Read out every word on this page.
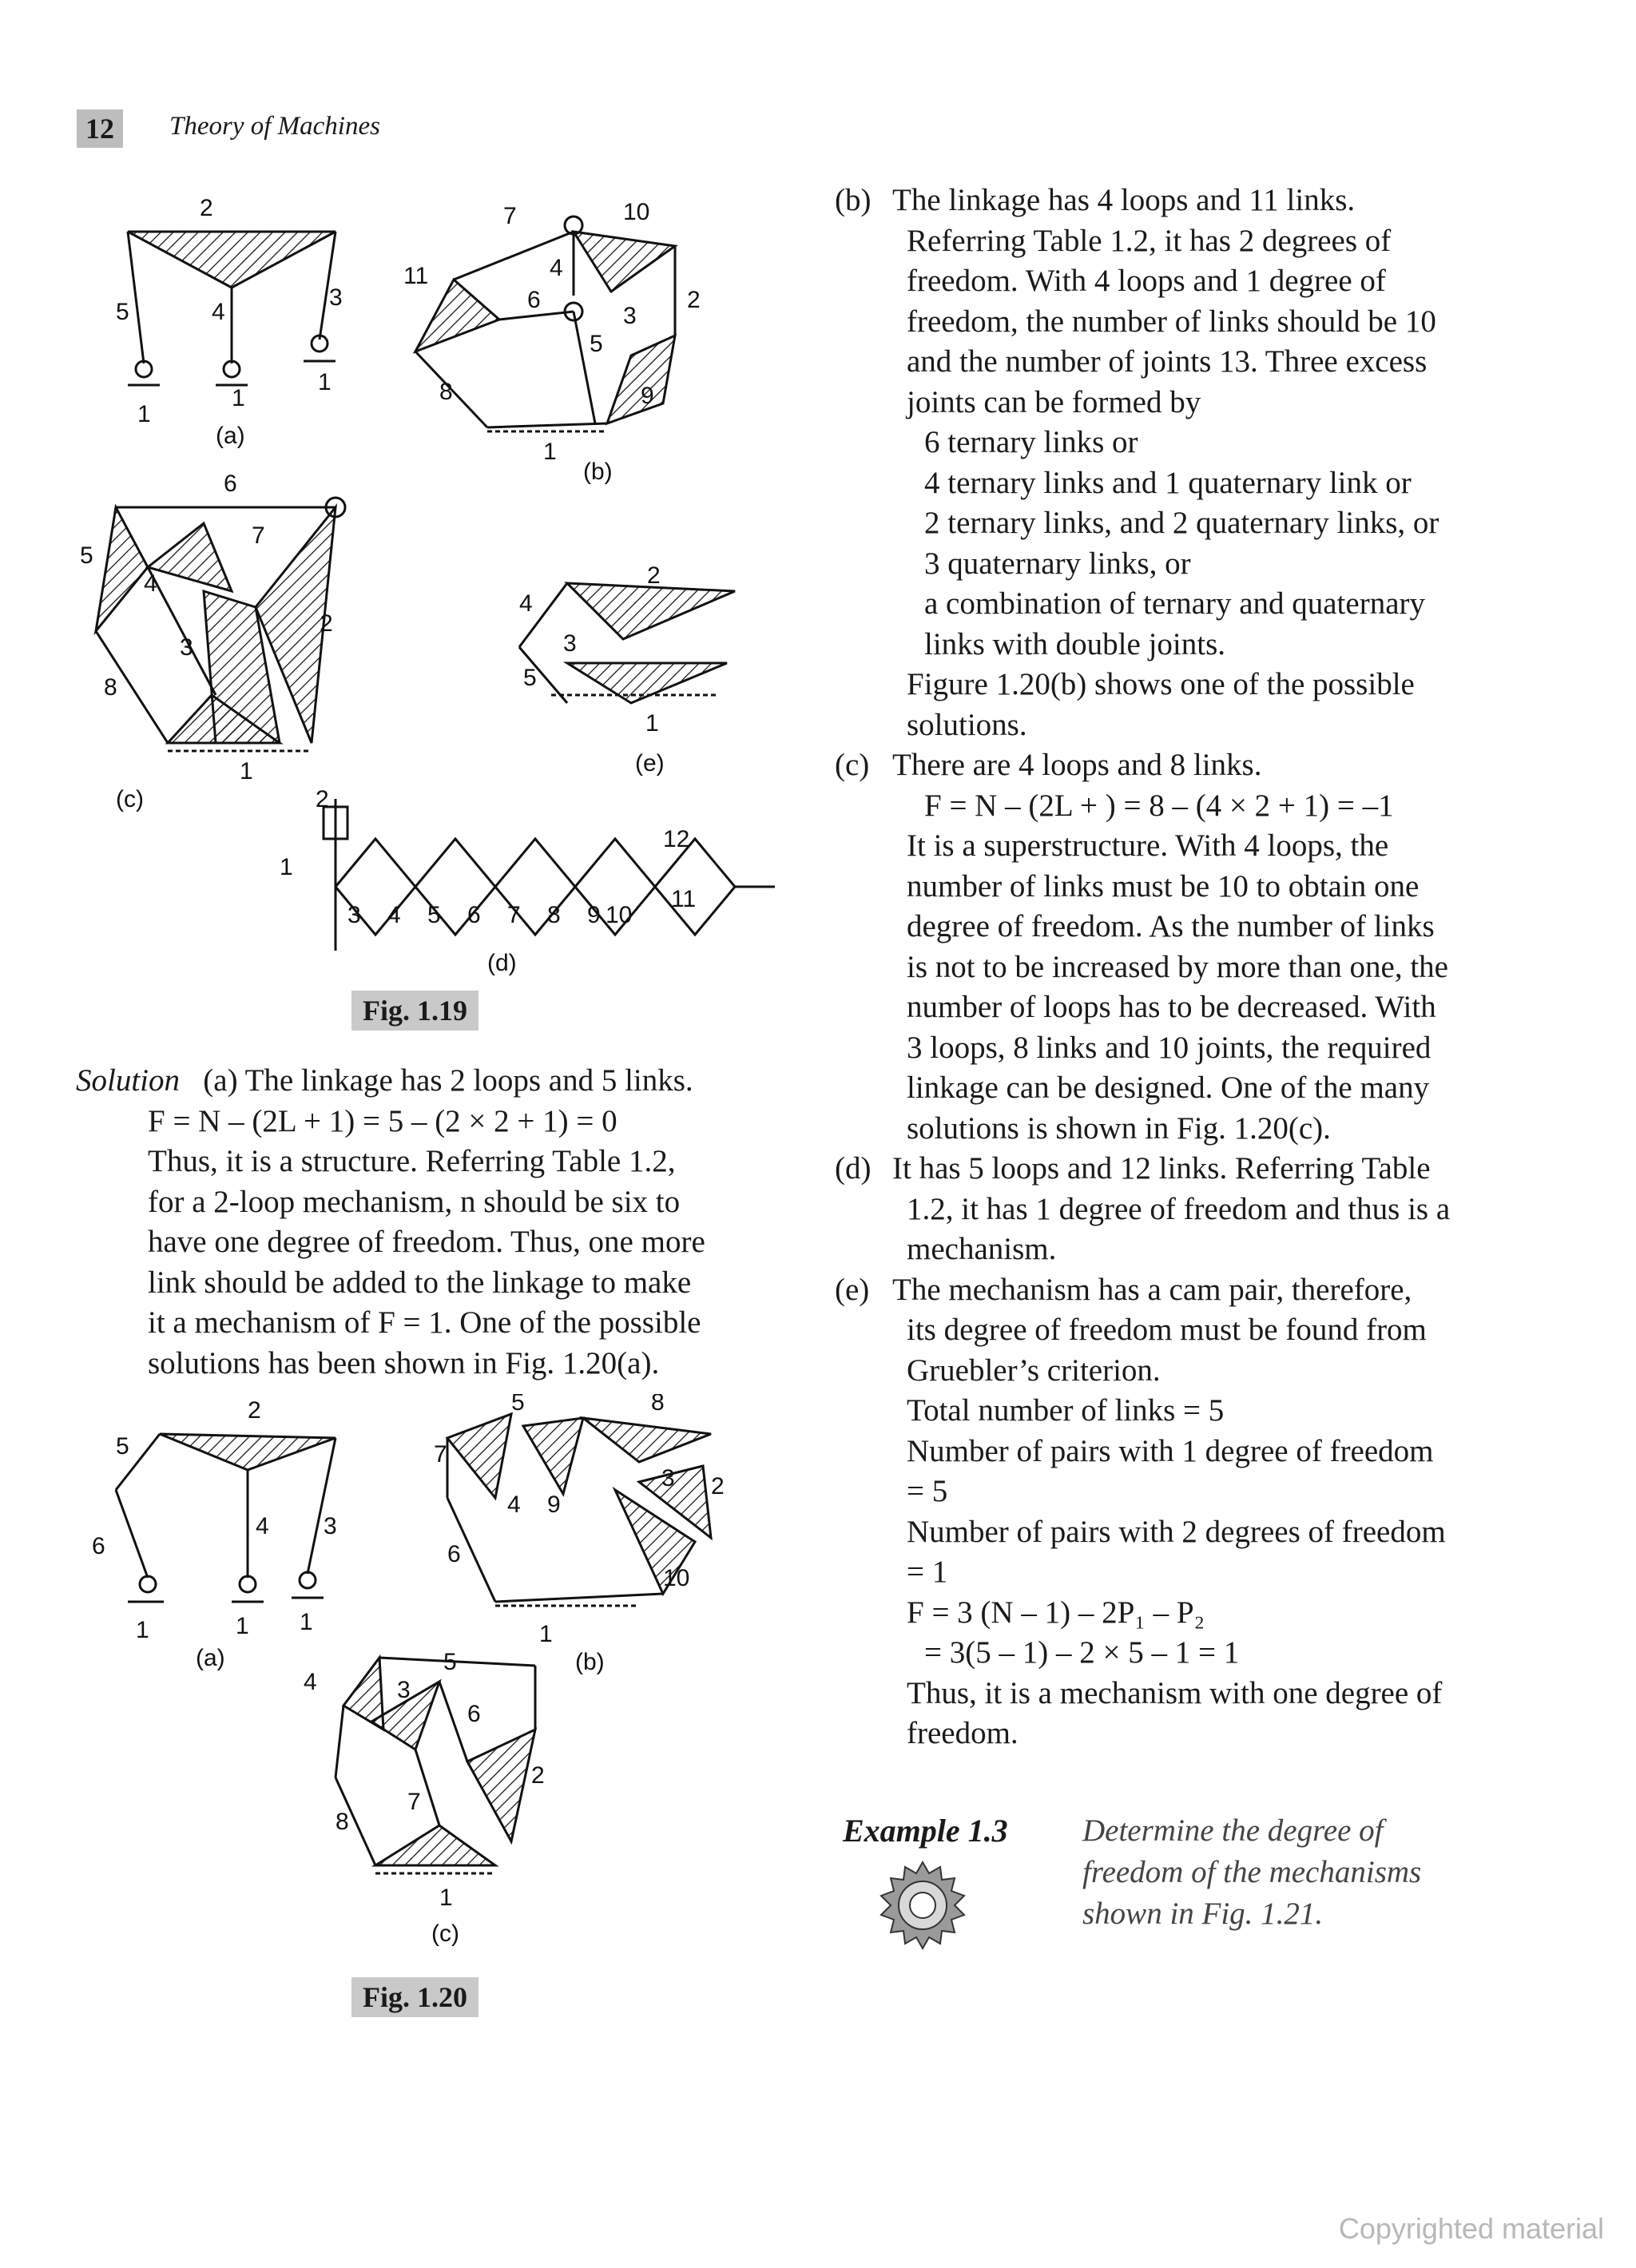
12	Theory of Machines
2
5	4
3
1
1
1
(a)
7	10
11	4
6
3
2
5
8	9
1
(b)
6
7
5
4
2
3
8
1
(c)
2
4
3
5
1
(e)
2
1
3 4 5 6 7 8 9 10
12
11
(d)
Fig. 1.19

Solution (a) The linkage has 2 loops and 5 links.

F = N – (2L + 1) = 5 – (2 × 2 + 1) = 0

Thus, it is a structure. Referring Table 1.2,

for a 2-loop mechanism, n should be six to

have one degree of freedom. Thus, one more

link should be added to the linkage to make

it a mechanism of F = 1. One of the possible

solutions has been shown in Fig. 1.20(a).

2
5
4 3
6
1	1 1
(a)
5	8
7
3 2
4 9
6
10
1
(b)
5
4	3
6
2
7
8
1
(c)
Fig. 1.20

(b) The linkage has 4 loops and 11 links.

Referring Table 1.2, it has 2 degrees of

freedom. With 4 loops and 1 degree of

freedom, the number of links should be 10

and the number of joints 13. Three excess

joints can be formed by

6 ternary links or

4 ternary links and 1 quaternary link or

2 ternary links, and 2 quaternary links, or

3 quaternary links, or

a combination of ternary and quaternary

links with double joints.

Figure 1.20(b) shows one of the possible

solutions.

(c) There are 4 loops and 8 links.

F = N – (2L + ) = 8 – (4 × 2 + 1) = –1

It is a superstructure. With 4 loops, the

number of links must be 10 to obtain one

degree of freedom. As the number of links

is not to be increased by more than one, the

number of loops has to be decreased. With

3 loops, 8 links and 10 joints, the required

linkage can be designed. One of the many

solutions is shown in Fig. 1.20(c).

(d) It has 5 loops and 12 links. Referring Table

1.2, it has 1 degree of freedom and thus is a

mechanism.

(e) The mechanism has a cam pair, therefore,

its degree of freedom must be found from

Gruebler’s criterion.

Total number of links = 5

Number of pairs with 1 degree of freedom

= 5

Number of pairs with 2 degrees of freedom

= 1

F = 3 (N – 1) – 2P₁ – P₂

= 3(5 – 1) – 2 × 5 – 1 = 1

Thus, it is a mechanism with one degree of

freedom.

Example 1.3 Determine the degree of
freedom of the mechanisms
shown in Fig. 1.21.
Copyrighted material
